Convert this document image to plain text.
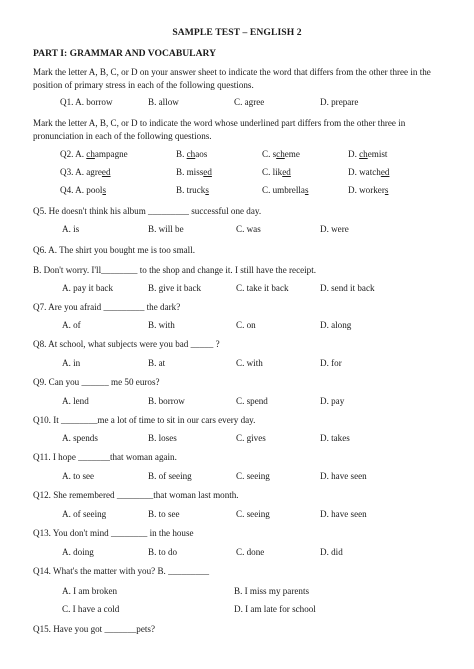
SAMPLE TEST – ENGLISH 2
PART I: GRAMMAR AND VOCABULARY
Mark the letter A, B, C, or D on your answer sheet to indicate the word that differs from the other three in the position of primary stress in each of the following questions.
Q1. A. borrow	B. allow	C. agree	D. prepare
Mark the letter A, B, C, or D to indicate the word whose underlined part differs from the other three in pronunciation in each of the following questions.
Q2. A. champagne	B. chaos	C. scheme	D. chemist
Q3. A. agreed	B. missed	C. liked	D. watched
Q4. A. pools	B. trucks	C. umbrellas	D. workers
Q5. He doesn't think his album _________ successful one day.
A. is	B. will be	C. was	D. were
Q6. A. The shirt you bought me is too small.
B. Don't worry. I'll________ to the shop and change it. I still have the receipt.
A. pay it back	B. give it back	C. take it back	D. send it back
Q7. Are you afraid _________ the dark?
A. of	B. with	C. on	D. along
Q8. At school, what subjects were you bad _____ ?
A. in	B. at	C. with	D. for
Q9. Can you ______ me 50 euros?
A. lend	B. borrow	C. spend	D. pay
Q10. It ________me a lot of time to sit in our cars every day.
A. spends	B. loses	C. gives	D. takes
Q11. I hope _______that woman again.
A. to see	B. of seeing	C. seeing	D. have seen
Q12. She remembered ________that woman last month.
A. of seeing	B. to see	C. seeing	D. have seen
Q13. You don't mind ________ in the house
A. doing	B. to do	C. done	D. did
Q14. What's the matter with you? B. _________
A. I am broken	B. I miss my parents
C. I have a cold	D. I am late for school
Q15. Have you got _______pets?
